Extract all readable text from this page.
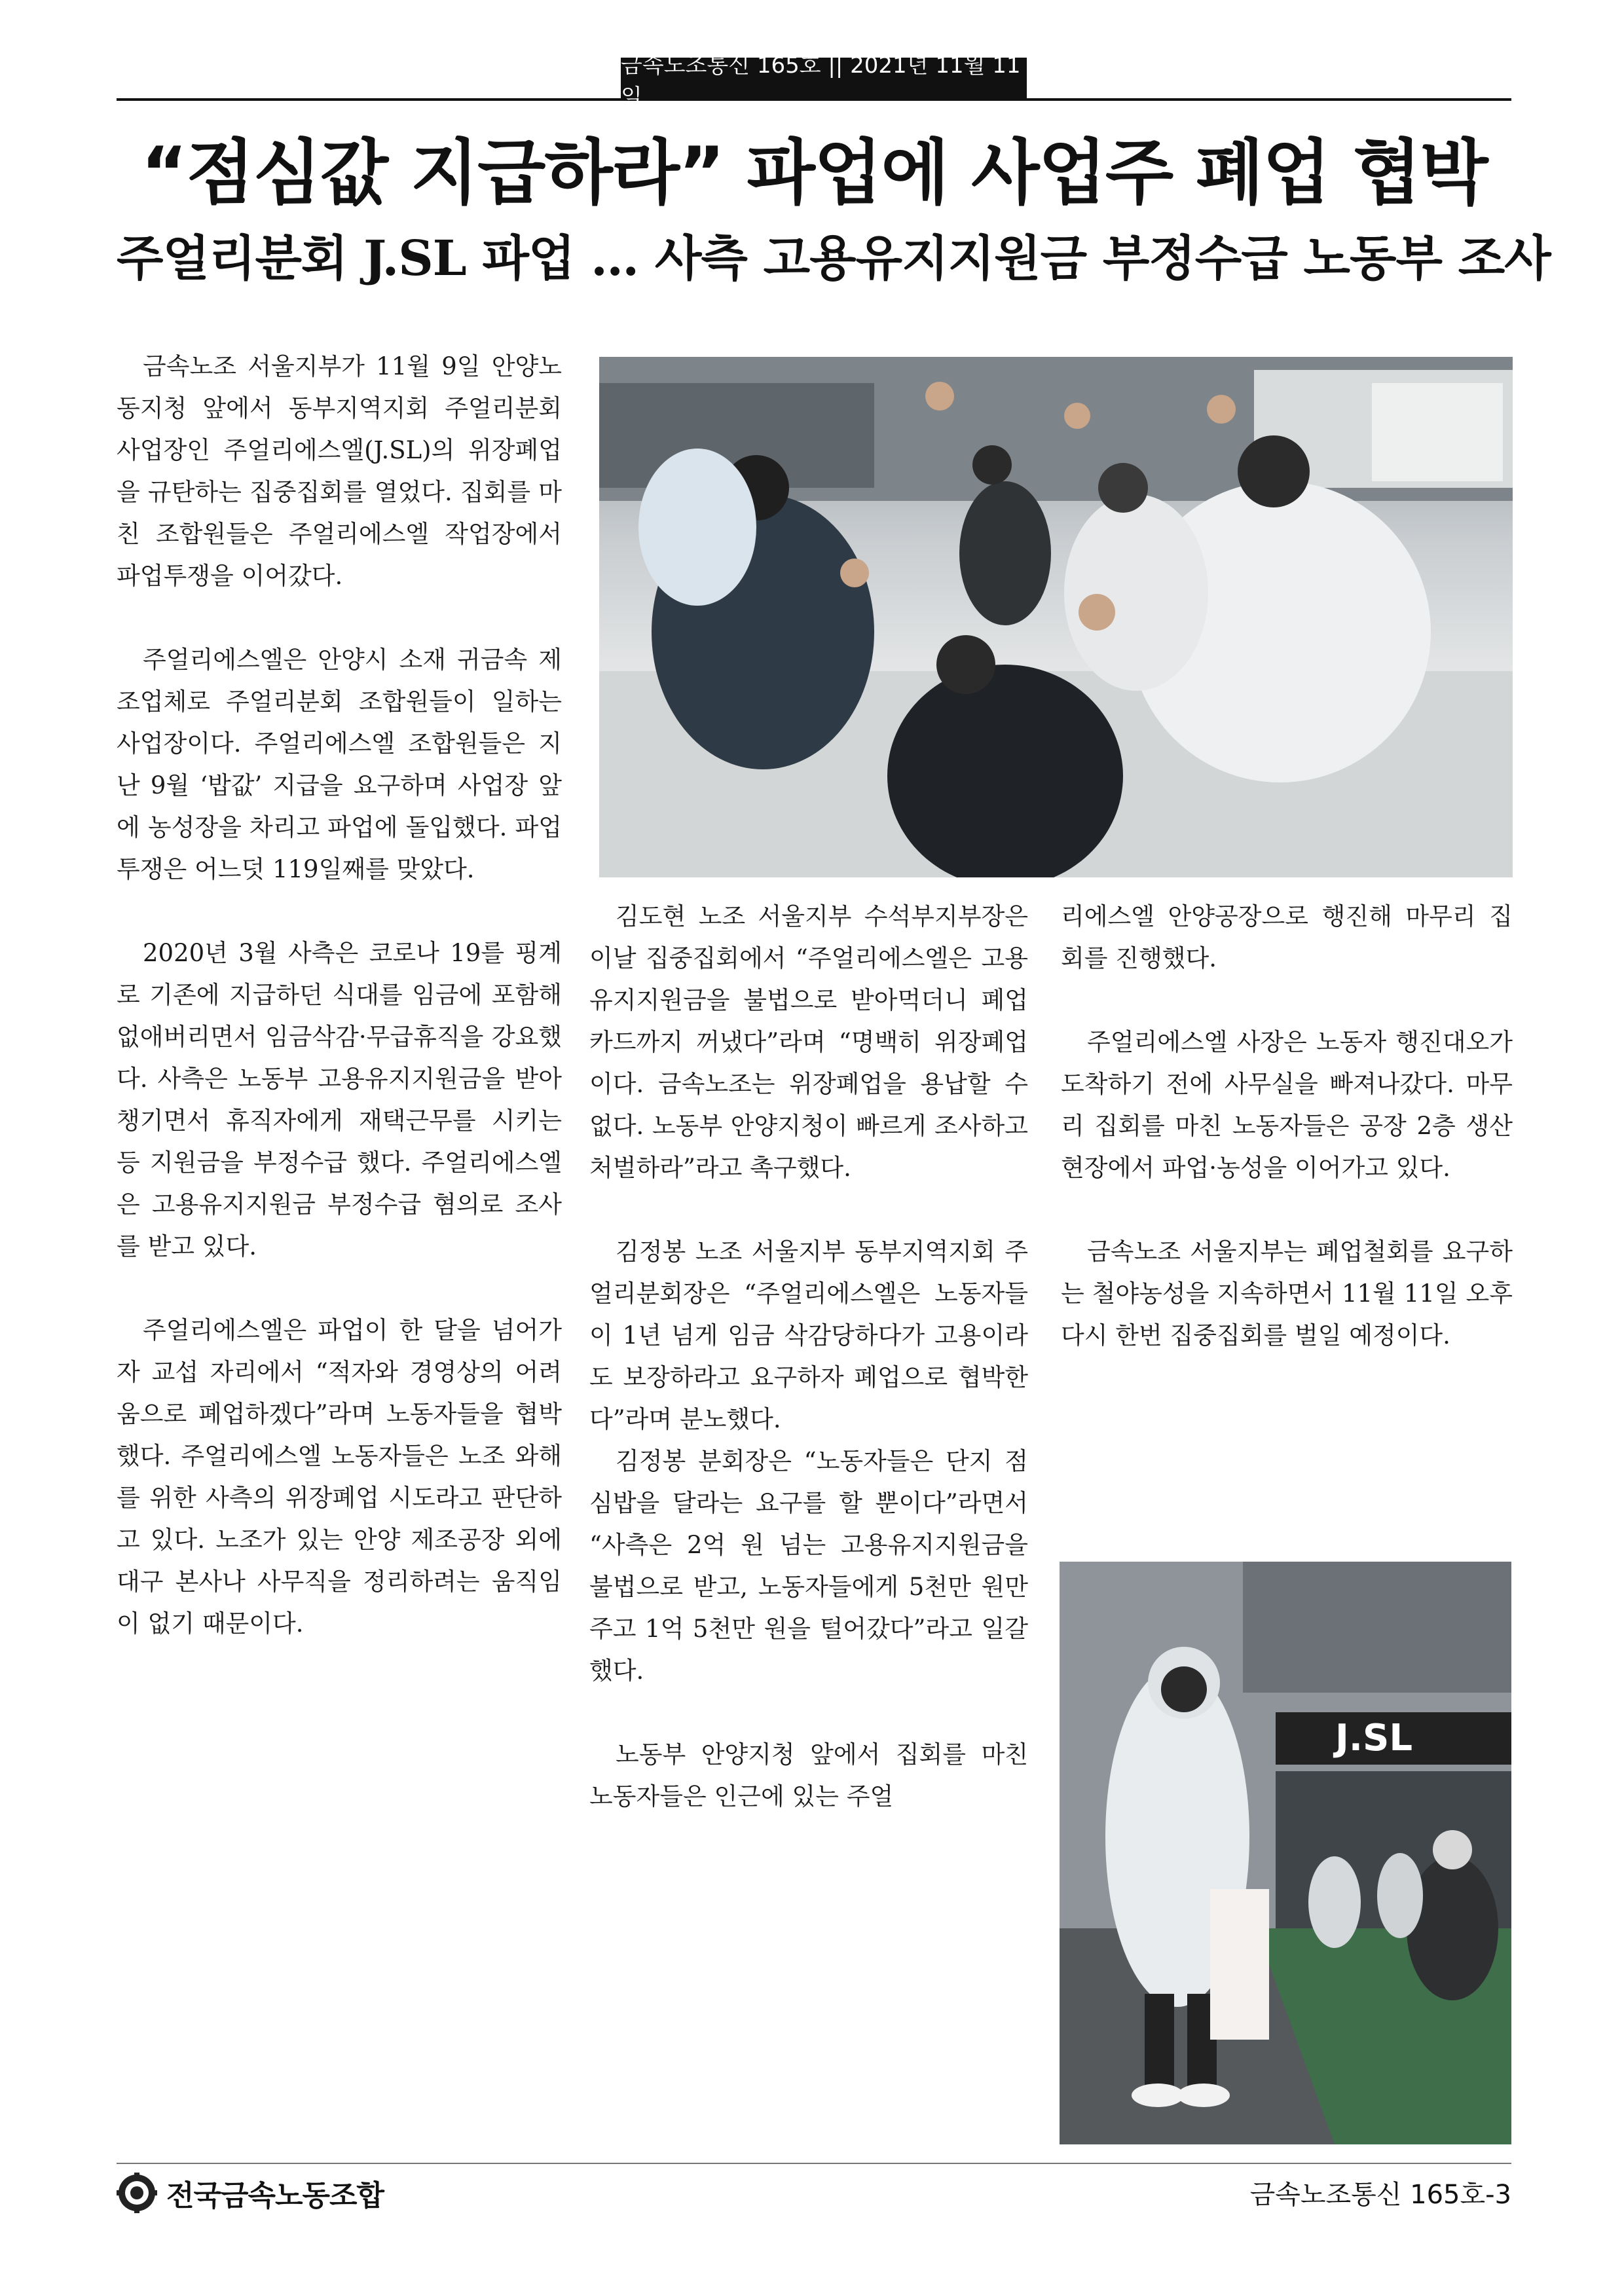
금속노조통신 165호 || 2021년 11월 11일
“점심값 지급하라” 파업에 사업주 폐업 협박
주얼리분회 J.SL 파업 … 사측 고용유지지원금 부정수급 노동부 조사

금속노조 서울지부가 11월 9일 안양노동지청 앞에서 동부지역지회 주얼리분회 사업장인 주얼리에스엘(J.SL)의 위장폐업을 규탄하는 집중집회를 열었다. 집회를 마친 조합원들은 주얼리에스엘 작업장에서 파업투쟁을 이어갔다.

주얼리에스엘은 안양시 소재 귀금속 제조업체로 주얼리분회 조합원들이 일하는 사업장이다. 주얼리에스엘 조합원들은 지난 9월 ‘밥값’ 지급을 요구하며 사업장 앞에 농성장을 차리고 파업에 돌입했다. 파업투쟁은 어느덧 119일째를 맞았다.

2020년 3월 사측은 코로나 19를 핑계로 기존에 지급하던 식대를 임금에 포함해 없애버리면서 임금삭감·무급휴직을 강요했다. 사측은 노동부 고용유지지원금을 받아 챙기면서 휴직자에게 재택근무를 시키는 등 지원금을 부정수급 했다. 주얼리에스엘은 고용유지지원금 부정수급 혐의로 조사를 받고 있다.

주얼리에스엘은 파업이 한 달을 넘어가자 교섭 자리에서 “적자와 경영상의 어려움으로 폐업하겠다”라며 노동자들을 협박했다. 주얼리에스엘 노동자들은 노조 와해를 위한 사측의 위장폐업 시도라고 판단하고 있다. 노조가 있는 안양 제조공장 외에 대구 본사나 사무직을 정리하려는 움직임이 없기 때문이다.

김도현 노조 서울지부 수석부지부장은 이날 집중집회에서 “주얼리에스엘은 고용유지지원금을 불법으로 받아먹더니 폐업 카드까지 꺼냈다”라며 “명백히 위장폐업이다. 금속노조는 위장폐업을 용납할 수 없다. 노동부 안양지청이 빠르게 조사하고 처벌하라”라고 촉구했다.

김정봉 노조 서울지부 동부지역지회 주얼리분회장은 “주얼리에스엘은 노동자들이 1년 넘게 임금 삭감당하다가 고용이라도 보장하라고 요구하자 폐업으로 협박한다”라며 분노했다.

김정봉 분회장은 “노동자들은 단지 점심밥을 달라는 요구를 할 뿐이다”라면서 “사측은 2억 원 넘는 고용유지지원금을 불법으로 받고, 노동자들에게 5천만 원만 주고 1억 5천만 원을 털어갔다”라고 일갈했다.

노동부 안양지청 앞에서 집회를 마친 노동자들은 인근에 있는 주얼

리에스엘 안양공장으로 행진해 마무리 집회를 진행했다.

주얼리에스엘 사장은 노동자 행진대오가 도착하기 전에 사무실을 빠져나갔다. 마무리 집회를 마친 노동자들은 공장 2층 생산 현장에서 파업·농성을 이어가고 있다.

금속노조 서울지부는 폐업철회를 요구하는 철야농성을 지속하면서 11월 11일 오후 다시 한번 집중집회를 벌일 예정이다.

J.SL
전국금속노동조합	금속노조통신 165호-3
